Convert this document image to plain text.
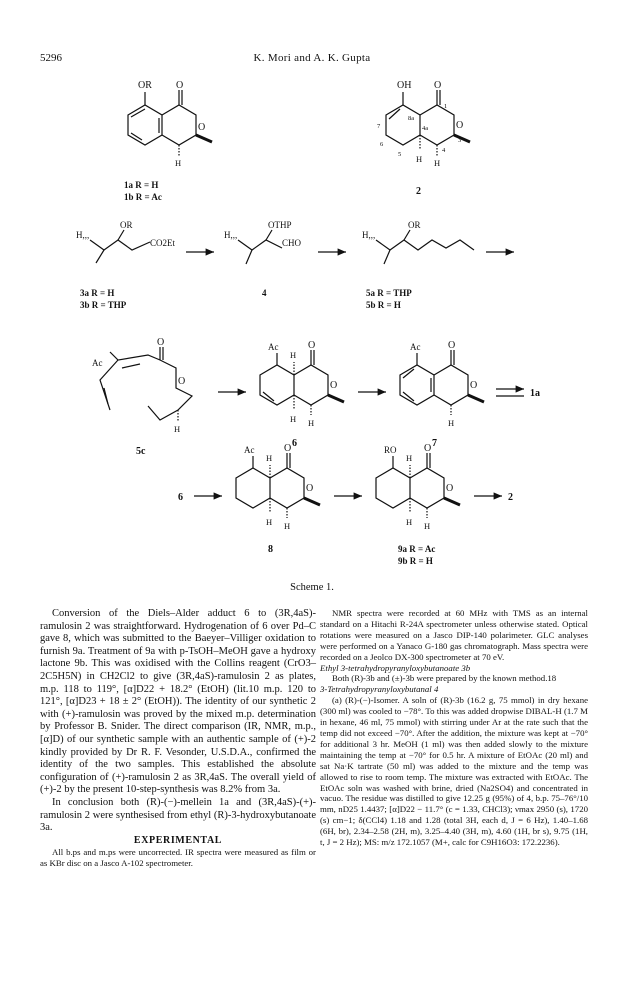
5296	K. Mori and A. K. Gupta
OR O
O
H
1a R = H
1b R = Ac
OH O
O
7
6
5
4a
8a
1
3
4
H H
2
H,,,
OR
CO2Et
3a R = H
3b R = THP
H,,,
OTHP
CHO
4
H,,,
OR
5a R = THP
5b R = H
O
O
Ac
H
5c
Ac
H
O
O
H H
6
Ac	O
O
H
7
1a
6
Ac
H
O
O
H H
8
RO
H
O
O
H H
9a R = Ac
9b R = H
2
Scheme 1.

Conversion of the Diels–Alder adduct 6 to (3R,4aS)-ramulosin 2 was straightforward. Hydrogenation of 6 over Pd–C gave 8, which was submitted to the Baeyer–Villiger oxidation to furnish 9a. Treatment of 9a with p-TsOH–MeOH gave a hydroxy lactone 9b. This was oxidised with the Collins reagent (CrO3–2C5H5N) in CH2Cl2 to give (3R,4aS)-ramulosin 2 as plates, m.p. 118 to 119°, [α]D22 + 18.2° (EtOH) (lit.10 m.p. 120 to 121°, [α]D23 + 18 ± 2° (EtOH)). The identity of our synthetic 2 with (+)-ramulosin was proved by the mixed m.p. determination by Professor B. Snider. The direct comparison (IR, NMR, m.p., [α]D) of our synthetic sample with an authentic sample of (+)-2 kindly provided by Dr R. F. Vesonder, U.S.D.A., confirmed the identity of the two samples. This established the absolute configuration of (+)-ramulosin 2 as 3R,4aS. The overall yield of (+)-2 by the present 10-step-synthesis was 8.2% from 3a.

In conclusion both (R)-(−)-mellein 1a and (3R,4aS)-(+)-ramulosin 2 were synthesised from ethyl (R)-3-hydroxybutanoate 3a.

EXPERIMENTAL

All b.ps and m.ps were uncorrected. IR spectra were measured as film or as KBr disc on a Jasco A-102 spectrometer.

NMR spectra were recorded at 60 MHz with TMS as an internal standard on a Hitachi R-24A spectrometer unless otherwise stated. Optical rotations were measured on a Jasco DIP-140 polarimeter. GLC analyses were performed on a Yanaco G-180 gas chromatograph. Mass spectra were recorded on a Jeolco DX-300 spectrometer at 70 eV.

Ethyl 3-tetrahydropyranyloxybutanoate 3b

Both (R)-3b and (±)-3b were prepared by the known method.18

3-Tetrahydropyranyloxybutanal 4

(a) (R)-(−)-Isomer. A soln of (R)-3b (16.2 g, 75 mmol) in dry hexane (300 ml) was cooled to −78°. To this was added dropwise DIBAL-H (1.7 M in hexane, 46 ml, 75 mmol) with stirring under Ar at the rate such that the temp did not exceed −70°. After the addition, the mixture was kept at −70° for additional 3 hr. MeOH (1 ml) was then added slowly to the mixture maintaining the temp at −70° for 0.5 hr. A mixture of EtOAc (20 ml) and sat Na·K tartrate (50 ml) was added to the mixture and the temp was allowed to rise to room temp. The mixture was extracted with EtOAc. The EtOAc soln was washed with brine, dried (Na2SO4) and concentrated in vacuo. The residue was distilled to give 12.25 g (95%) of 4, b.p. 75–76°/10 mm, nD25 1.4437; [α]D22 − 11.7° (c = 1.33, CHCl3); νmax 2950 (s), 1720 (s) cm−1; δ(CCl4) 1.18 and 1.28 (total 3H, each d, J = 6 Hz), 1.40–1.68 (6H, br), 2.34–2.58 (2H, m), 3.25–4.40 (3H, m), 4.60 (1H, br s), 9.75 (1H, t, J = 2 Hz); MS: m/z 172.1057 (M+, calc for C9H16O3: 172.2236).
